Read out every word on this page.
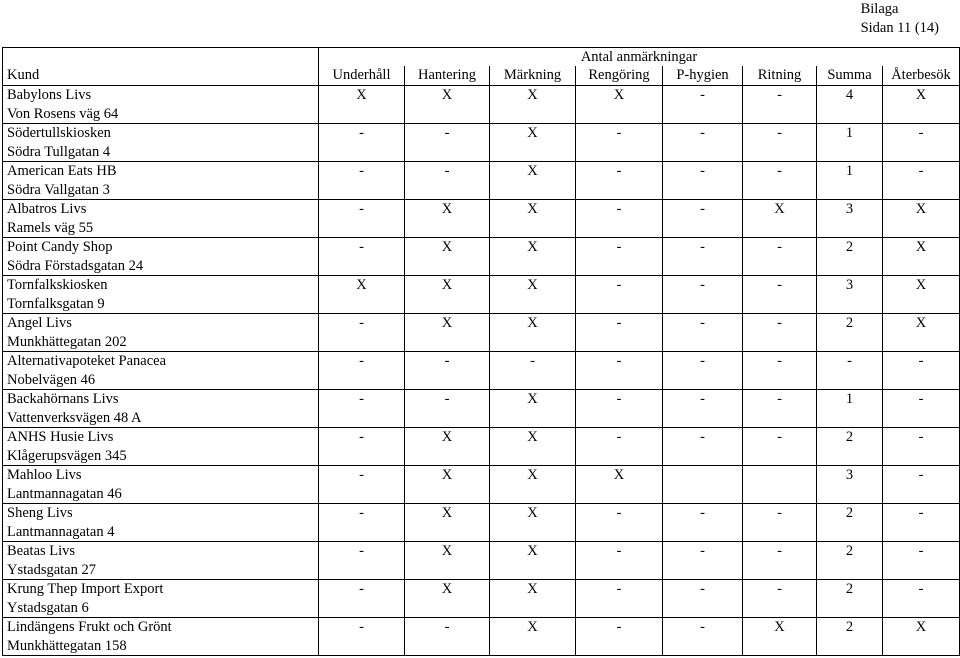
Bilaga
Sidan 11 (14)
	Antal anmärkningar							
Kund	Underhåll	Hantering	Märkning	Rengöring	P-hygien	Ritning	Summa	Återbesök

Babylons Livs
Von Rosens väg 64	X	X	X	X	-	-	4	X

Södertullskiosken
Södra Tullgatan 4	-	-	X	-	-	-	1	-

American Eats HB
Södra Vallgatan 3	-	-	X	-	-	-	1	-

Albatros Livs
Ramels väg 55	-	X	X	-	-	X	3	X

Point Candy Shop
Södra Förstadsgatan 24	-	X	X	-	-	-	2	X

Tornfalkskiosken
Tornfalksgatan 9	X	X	X	-	-	-	3	X

Angel Livs
Munkhättegatan 202	-	X	X	-	-	-	2	X

Alternativapoteket Panacea
Nobelvägen 46	-	-	-	-	-	-	-	-

Backahörnans Livs
Vattenverksvägen 48 A	-	-	X	-	-	-	1	-

ANHS Husie Livs
Klågerupsvägen 345	-	X	X	-	-	-	2	-

Mahloo Livs
Lantmannagatan 46	-	X	X	X			3	-

Sheng Livs
Lantmannagatan 4	-	X	X	-	-	-	2	-

Beatas Livs
Ystadsgatan 27	-	X	X	-	-	-	2	-

Krung Thep Import Export
Ystadsgatan 6	-	X	X	-	-	-	2	-

Lindängens Frukt och Grönt
Munkhättegatan 158	-	-	X	-	-	X	2	X
